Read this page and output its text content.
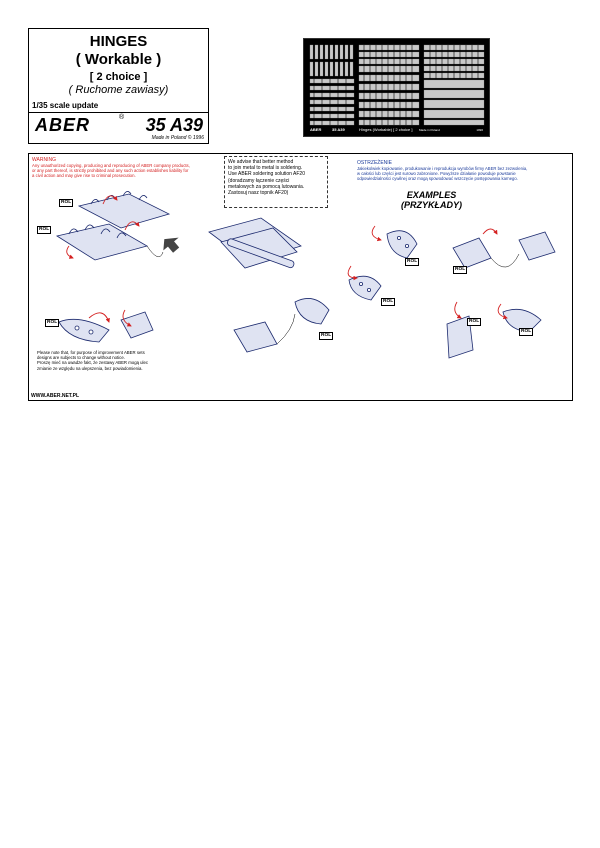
HINGES
( Workable )
[ 2 choice ]
( Ruchome zawiasy)
1/35 scale update
ABER	® 35 A39
Made in Poland © 1996
ABER	35 A39	Hinges (Workable) [ 2 choice ] Made in Poland	1996
WARNING
Any unauthorized copying, producing and reproducing of ABER company products,
or any part thereof, is strictly prohibited and any such action establishes liability for
a civil action and may give rise to criminal prosecution.
We advise that better method
to join metal to metal is soldering.
Use ABER soldering solution AF20
(doradzamy łączenie części
metalowych za pomocą lutowania.
Zastosuj nasz topnik AF20)
OSTRZEŻENIE
Jakiekolwiek kopiowanie, produkowanie i reprodukcja wyrobów firmy ABER bez zezwolenia,
w całości lub części jest surowo zabronione. Powyższe działanie powoduje powstanie
odpowiedzialności cywilnej oraz mogą spowodować wszczęcie postępowania karnego.
EXAMPLES
(PRZYKŁADY)
ROL
ROL
ROL
ROL
ROL
ROL
ROL
ROL
ROL
Please note that, for purpose of improvement ABER sets
designs are subjects to change without notice.
Proszę mieć na uwadze fakt, że zestawy ABER mogą ulec
zmianie ze względu na ulepszenia, bez powiadomienia.
WWW.ABER.NET.PL
